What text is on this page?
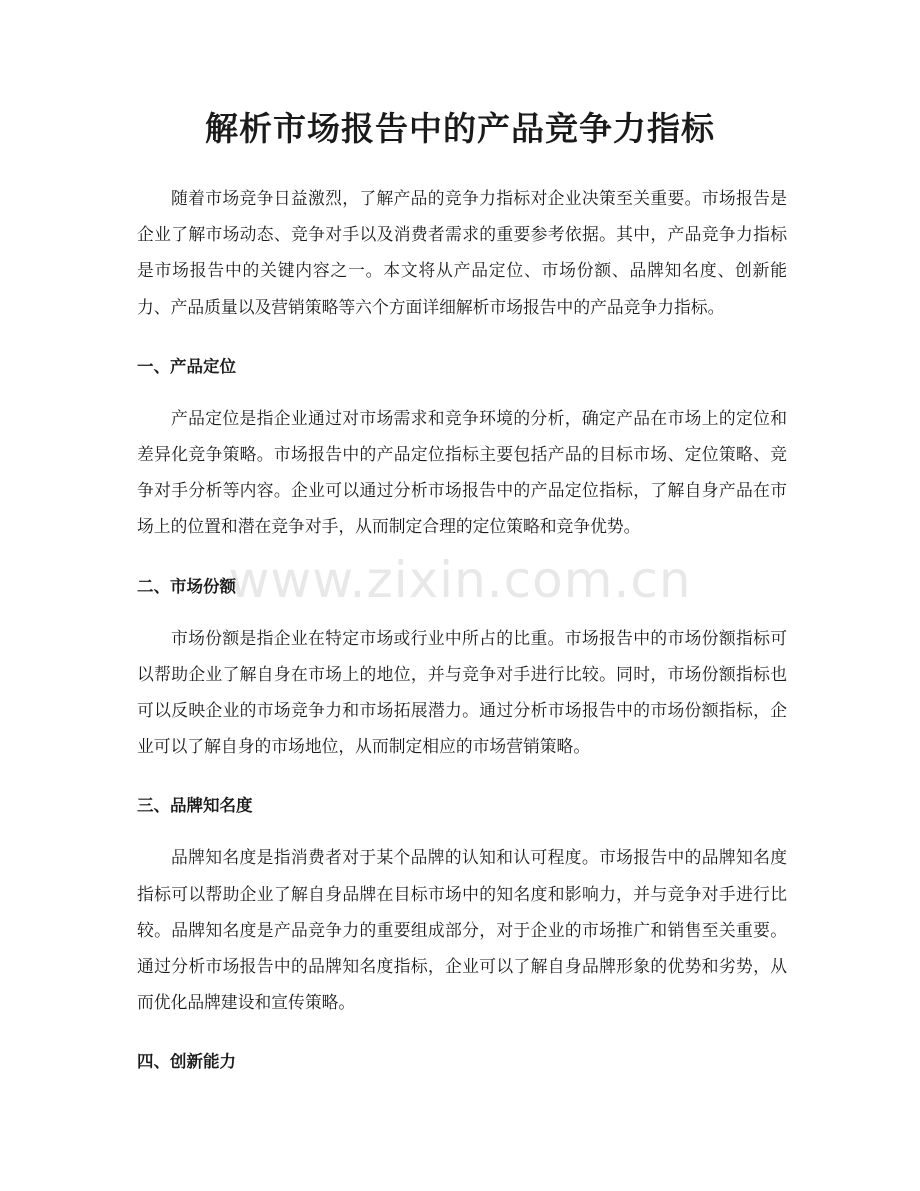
解析市场报告中的产品竞争力指标

随着市场竞争日益激烈，了解产品的竞争力指标对企业决策至关重要。市场报告是企业了解市场动态、竞争对手以及消费者需求的重要参考依据。其中，产品竞争力指标是市场报告中的关键内容之一。本文将从产品定位、市场份额、品牌知名度、创新能力、产品质量以及营销策略等六个方面详细解析市场报告中的产品竞争力指标。

一、产品定位

产品定位是指企业通过对市场需求和竞争环境的分析，确定产品在市场上的定位和差异化竞争策略。市场报告中的产品定位指标主要包括产品的目标市场、定位策略、竞争对手分析等内容。企业可以通过分析市场报告中的产品定位指标，了解自身产品在市场上的位置和潜在竞争对手，从而制定合理的定位策略和竞争优势。

二、市场份额

市场份额是指企业在特定市场或行业中所占的比重。市场报告中的市场份额指标可以帮助企业了解自身在市场上的地位，并与竞争对手进行比较。同时，市场份额指标也可以反映企业的市场竞争力和市场拓展潜力。通过分析市场报告中的市场份额指标，企业可以了解自身的市场地位，从而制定相应的市场营销策略。

三、品牌知名度

品牌知名度是指消费者对于某个品牌的认知和认可程度。市场报告中的品牌知名度指标可以帮助企业了解自身品牌在目标市场中的知名度和影响力，并与竞争对手进行比较。品牌知名度是产品竞争力的重要组成部分，对于企业的市场推广和销售至关重要。通过分析市场报告中的品牌知名度指标，企业可以了解自身品牌形象的优势和劣势，从而优化品牌建设和宣传策略。

四、创新能力
www.zixin.com.cn
